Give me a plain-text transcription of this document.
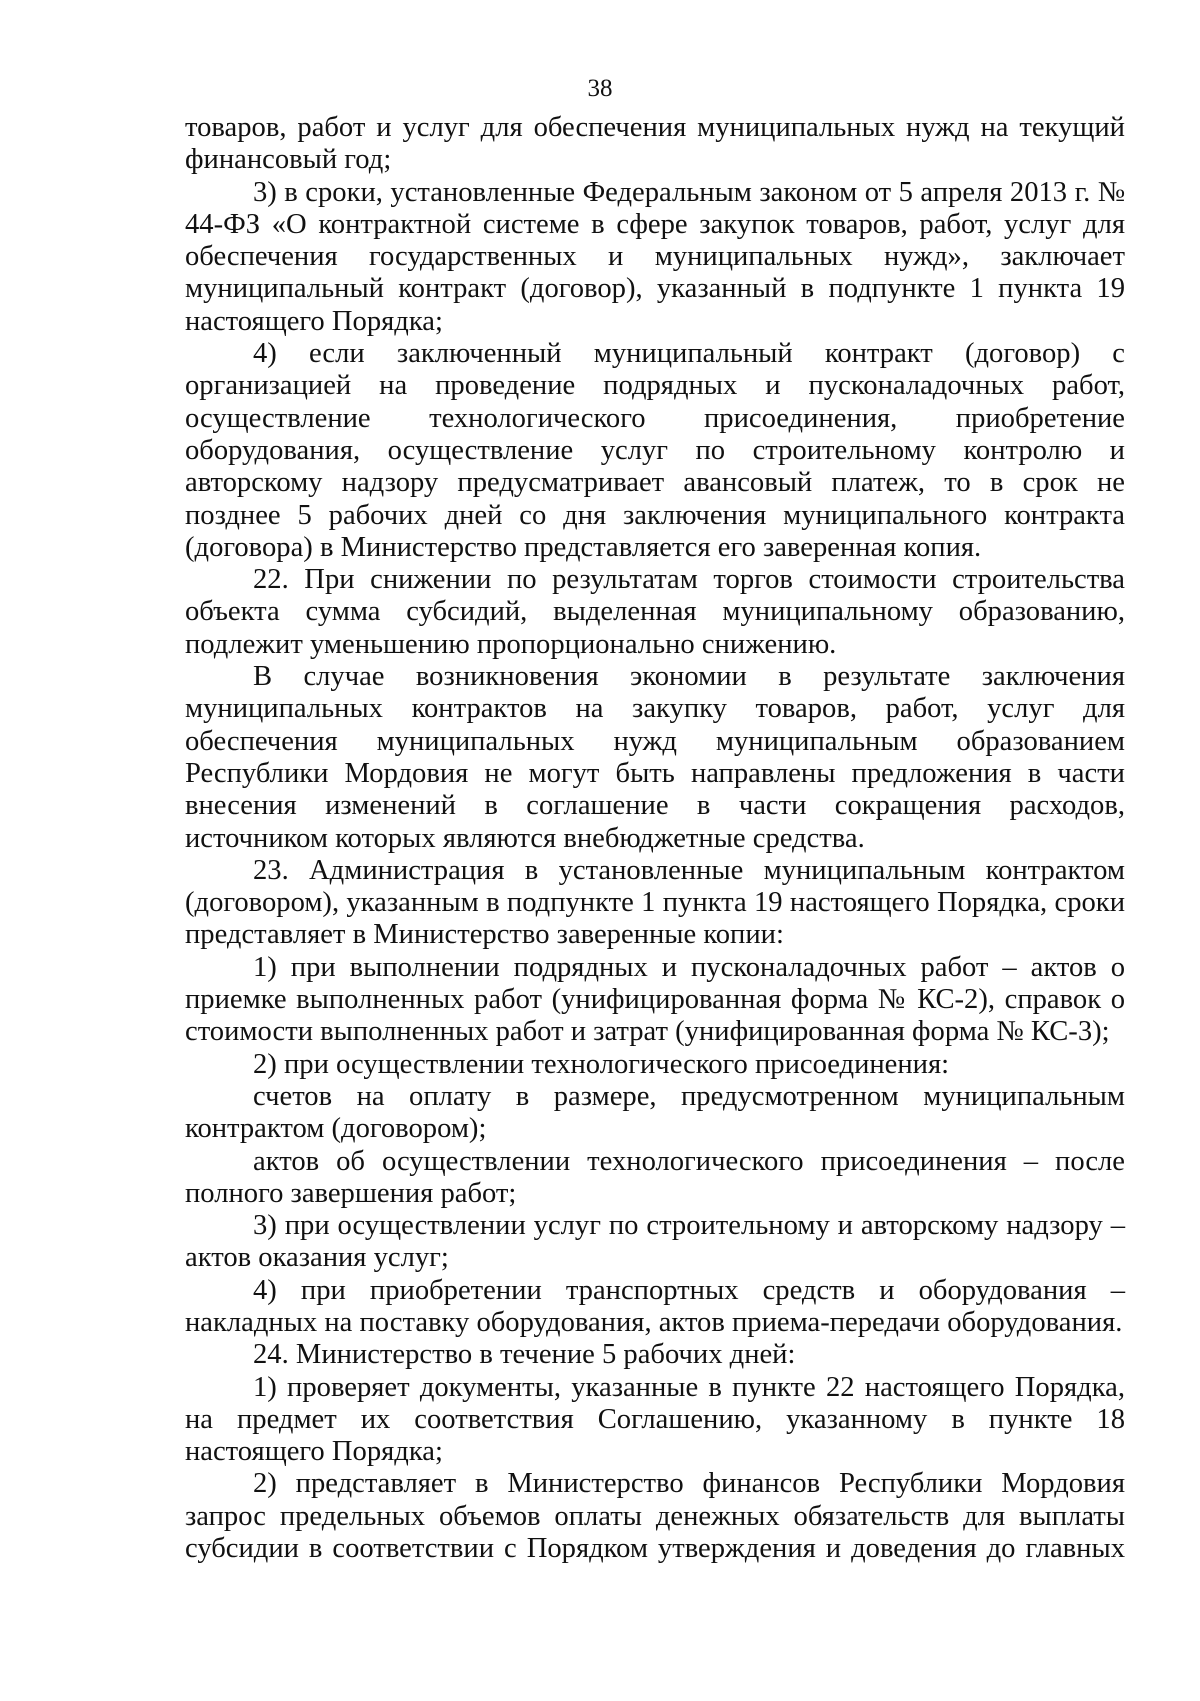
38

товаров, работ и услуг для обеспечения муниципальных нужд на текущий финансовый год;

3) в сроки, установленные Федеральным законом от 5 апреля 2013 г. № 44-ФЗ «О контрактной системе в сфере закупок товаров, работ, услуг для обеспечения государственных и муниципальных нужд», заключает муниципальный контракт (договор), указанный в подпункте 1 пункта 19 настоящего Порядка;

4) если заключенный муниципальный контракт (договор) с организацией на проведение подрядных и пусконаладочных работ, осуществление технологического присоединения, приобретение оборудования, осуществление услуг по строительному контролю и авторскому надзору предусматривает авансовый платеж, то в срок не позднее 5 рабочих дней со дня заключения муниципального контракта (договора) в Министерство представляется его заверенная копия.

22. При снижении по результатам торгов стоимости строительства объекта сумма субсидий, выделенная муниципальному образованию, подлежит уменьшению пропорционально снижению.

В случае возникновения экономии в результате заключения муниципальных контрактов на закупку товаров, работ, услуг для обеспечения муниципальных нужд муниципальным образованием Республики Мордовия не могут быть направлены предложения в части внесения изменений в соглашение в части сокращения расходов, источником которых являются внебюджетные средства.

23. Администрация в установленные муниципальным контрактом (договором), указанным в подпункте 1 пункта 19 настоящего Порядка, сроки представляет в Министерство заверенные копии:

1) при выполнении подрядных и пусконаладочных работ – актов о приемке выполненных работ (унифицированная форма № КС-2), справок о стоимости выполненных работ и затрат (унифицированная форма № КС-3);

2) при осуществлении технологического присоединения:

счетов на оплату в размере, предусмотренном муниципальным контрактом (договором);

актов об осуществлении технологического присоединения – после полного завершения работ;

3) при осуществлении услуг по строительному и авторскому надзору – актов оказания услуг;

4) при приобретении транспортных средств и оборудования – накладных на поставку оборудования, актов приема-передачи оборудования.

24. Министерство в течение 5 рабочих дней:

1) проверяет документы, указанные в пункте 22 настоящего Порядка, на предмет их соответствия Соглашению, указанному в пункте 18 настоящего Порядка;

2) представляет в Министерство финансов Республики Мордовия запрос предельных объемов оплаты денежных обязательств для выплаты субсидии в соответствии с Порядком утверждения и доведения до главных
